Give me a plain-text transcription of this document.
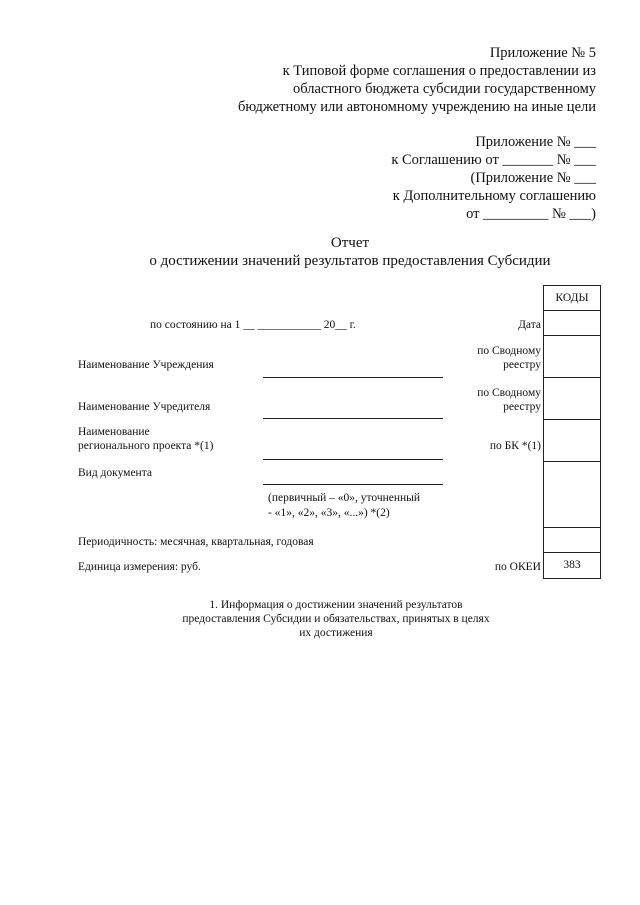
Приложение № 5
к Типовой форме соглашения о предоставлении из
областного бюджета субсидии государственному
бюджетному или автономному учреждению на иные цели
Приложение № ___
к Соглашению от _______ № ___
(Приложение № ___
к Дополнительному соглашению
от _________ № ___)
Отчет
о достижении значений результатов предоставления Субсидии
по состоянию на 1 __ ___________ 20__ г.
Наименование Учреждения
Наименование Учредителя
Наименование
регионального проекта *(1)
Вид документа
(первичный – «0», уточненный
- «1», «2», «3», «...») *(2)
Периодичность: месячная, квартальная, годовая
Единица измерения: руб.
Дата
по Сводному
реестру
по Сводному
реестру
по БК *(1)
по ОКЕИ
КОДЫ
383
1. Информация о достижении значений результатов
предоставления Субсидии и обязательствах, принятых в целях
их достижения
